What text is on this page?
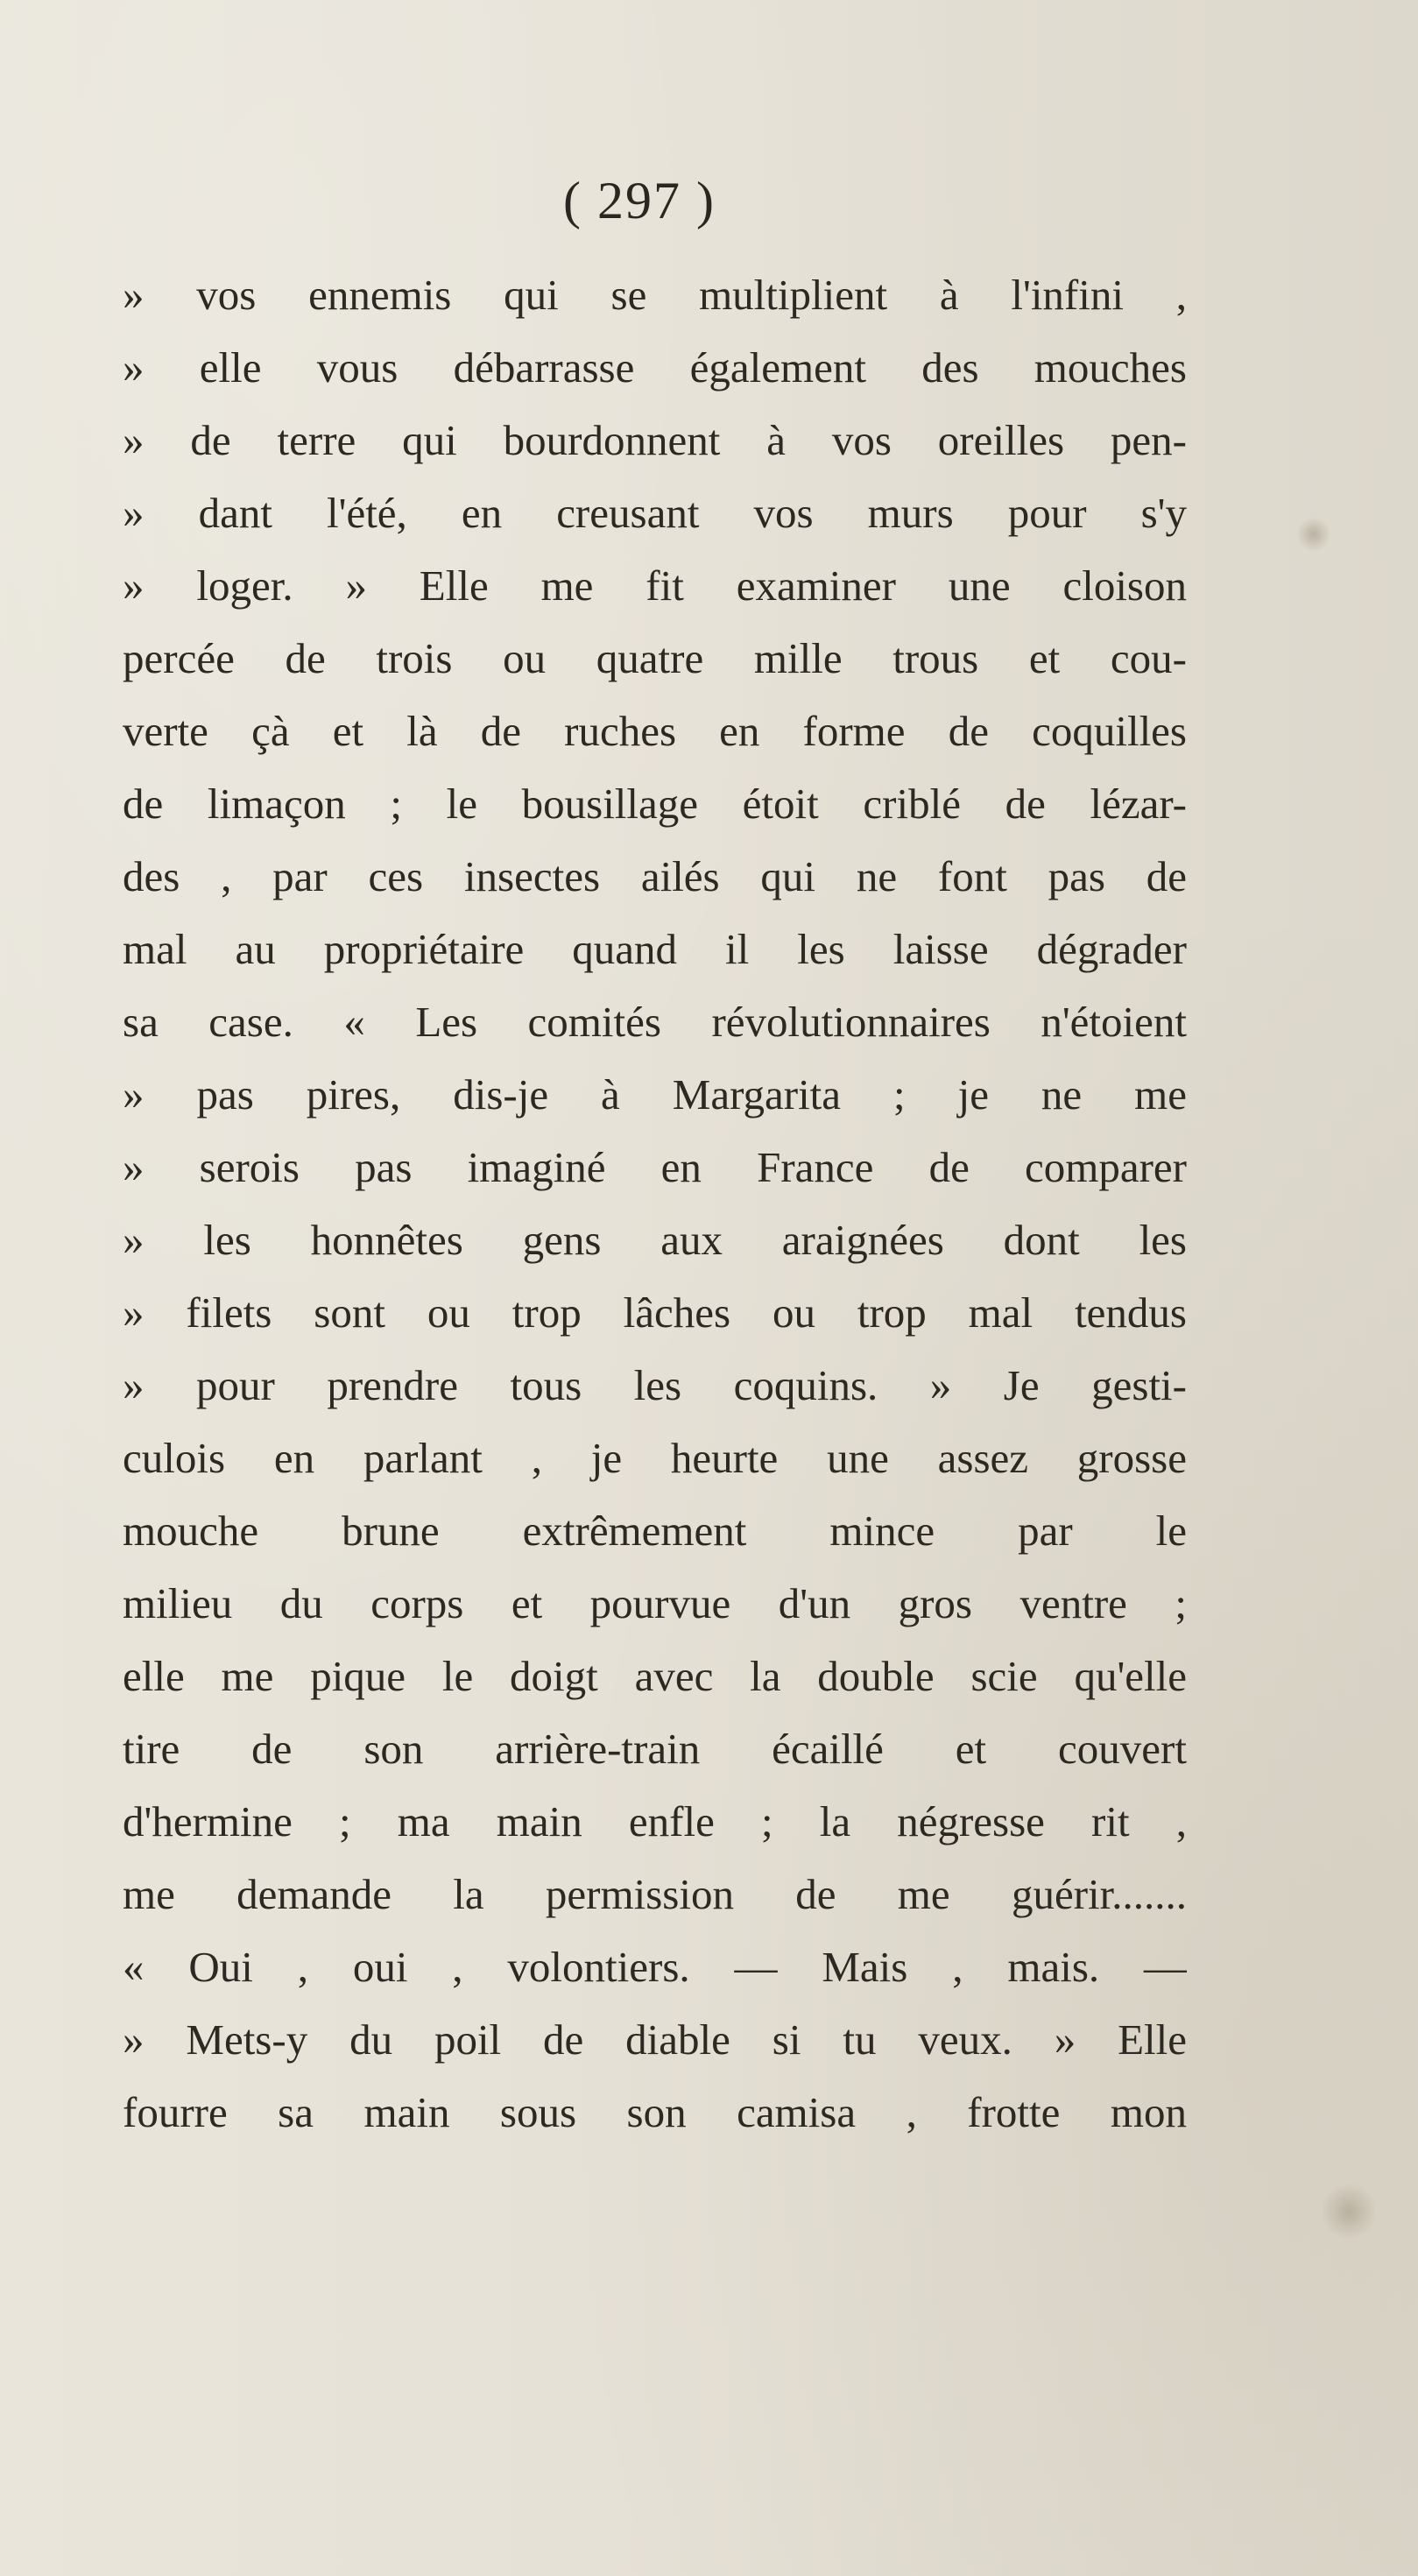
( 297 )
» vos ennemis qui se multiplient à l'infini ,
» elle vous débarrasse également des mouches
» de terre qui bourdonnent à vos oreilles pen-
» dant l'été, en creusant vos murs pour s'y
» loger. » Elle me fit examiner une cloison
percée de trois ou quatre mille trous et cou-
verte çà et là de ruches en forme de coquilles
de limaçon ; le bousillage étoit criblé de lézar-
des , par ces insectes ailés qui ne font pas de
mal au propriétaire quand il les laisse dégrader
sa case. « Les comités révolutionnaires n'étoient
» pas pires, dis-je à Margarita ; je ne me
» serois pas imaginé en France de comparer
» les honnêtes gens aux araignées dont les
» filets sont ou trop lâches ou trop mal tendus
» pour prendre tous les coquins. » Je gesti-
culois en parlant , je heurte une assez grosse
mouche brune extrêmement mince par le
milieu du corps et pourvue d'un gros ventre ;
elle me pique le doigt avec la double scie qu'elle
tire de son arrière-train écaillé et couvert
d'hermine ; ma main enfle ; la négresse rit ,
me demande la permission de me guérir.......
« Oui , oui , volontiers. — Mais , mais. —
» Mets-y du poil de diable si tu veux. » Elle
fourre sa main sous son camisa , frotte mon
